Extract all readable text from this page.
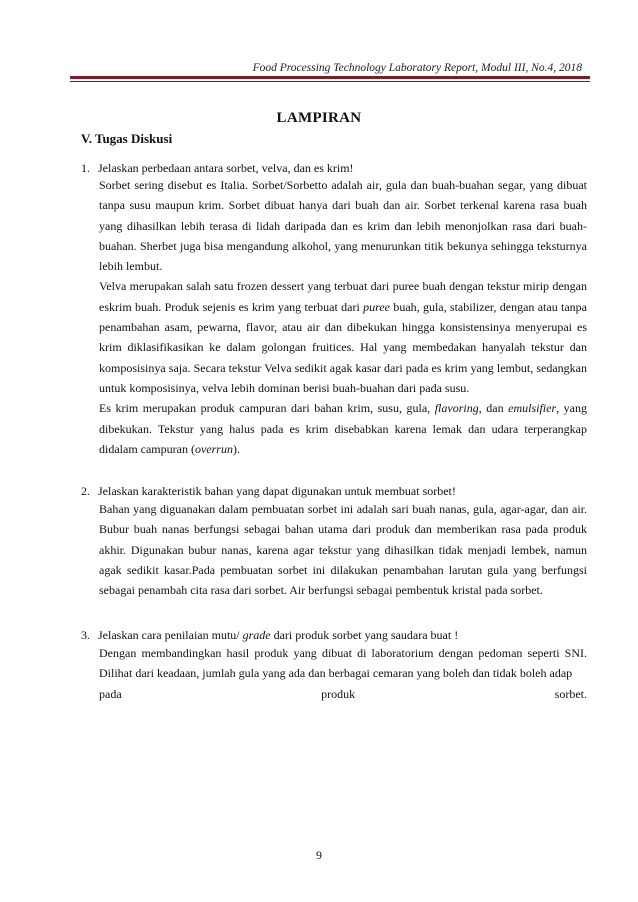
Food Processing Technology Laboratory Report, Modul III, No.4, 2018
LAMPIRAN
V. Tugas Diskusi
1. Jelaskan perbedaan antara sorbet, velva, dan es krim!

Sorbet sering disebut es Italia. Sorbet/Sorbetto adalah air, gula dan buah-buahan segar, yang dibuat tanpa susu maupun krim. Sorbet dibuat hanya dari buah dan air. Sorbet terkenal karena rasa buah yang dihasilkan lebih terasa di lidah daripada dan es krim dan lebih menonjolkan rasa dari buah-buahan. Sherbet juga bisa mengandung alkohol, yang menurunkan titik bekunya sehingga teksturnya lebih lembut.

Velva merupakan salah satu frozen dessert yang terbuat dari puree buah dengan tekstur mirip dengan eskrim buah. Produk sejenis es krim yang terbuat dari puree buah, gula, stabilizer, dengan atau tanpa penambahan asam, pewarna, flavor, atau air dan dibekukan hingga konsistensinya menyerupai es krim diklasifikasikan ke dalam golongan fruitices. Hal yang membedakan hanyalah tekstur dan komposisinya saja. Secara tekstur Velva sedikit agak kasar dari pada es krim yang lembut, sedangkan untuk komposisinya, velva lebih dominan berisi buah-buahan dari pada susu.

Es krim merupakan produk campuran dari bahan krim, susu, gula, flavoring, dan emulsifier, yang dibekukan. Tekstur yang halus pada es krim disebabkan karena lemak dan udara terperangkap didalam campuran (overrun).

2. Jelaskan karakteristik bahan yang dapat digunakan untuk membuat sorbet!

Bahan yang diguanakan dalam pembuatan sorbet ini adalah sari buah nanas, gula, agar-agar, dan air. Bubur buah nanas berfungsi sebagai bahan utama dari produk dan memberikan rasa pada produk akhir. Digunakan bubur nanas, karena agar tekstur yang dihasilkan tidak menjadi lembek, namun agak sedikit kasar.Pada pembuatan sorbet ini dilakukan penambahan larutan gula yang berfungsi sebagai penambah cita rasa dari sorbet. Air berfungsi sebagai pembentuk kristal pada sorbet.

3. Jelaskan cara penilaian mutu/ grade dari produk sorbet yang saudara buat !

Dengan membandingkan hasil produk yang dibuat di laboratorium dengan pedoman seperti SNI. Dilihat dari keadaan, jumlah gula yang ada dan berbagai cemaran yang boleh dan tidak boleh adap

pada	produk	sorbet.
9
